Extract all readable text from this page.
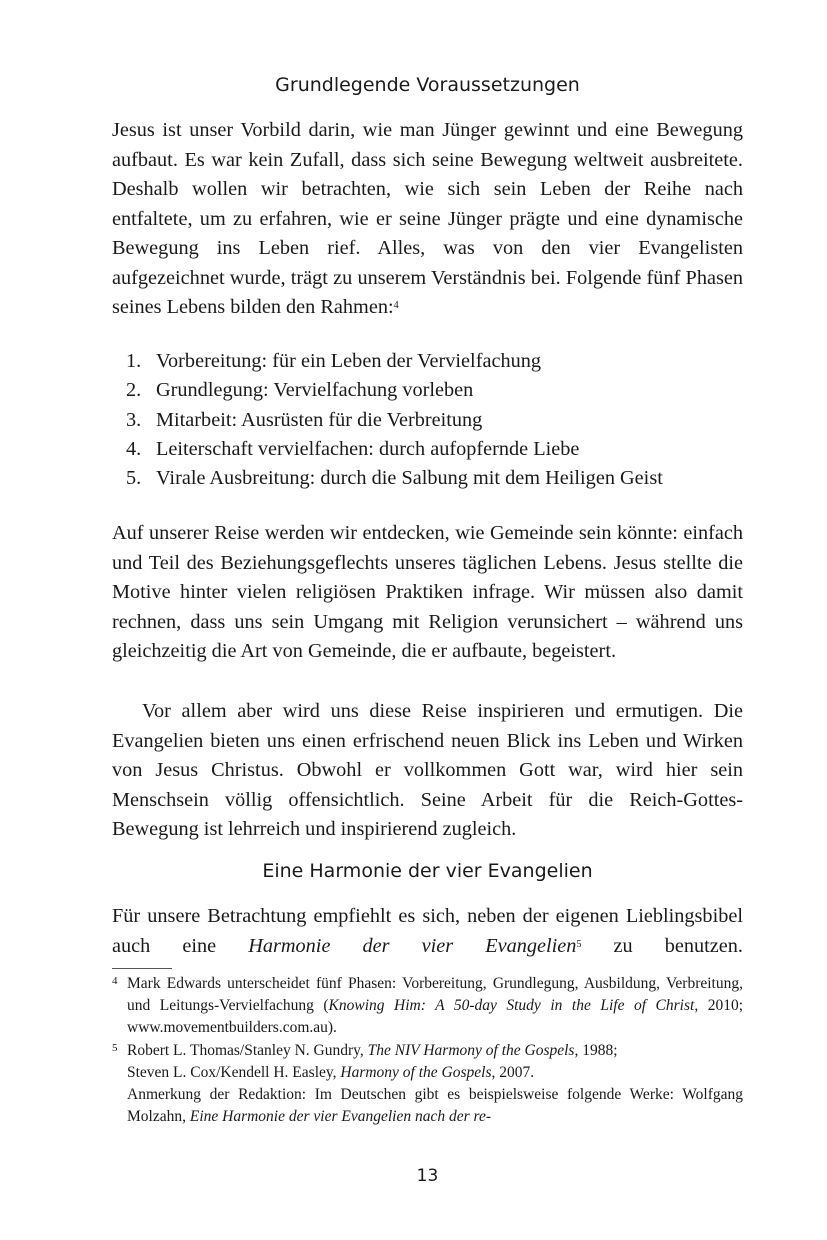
Grundlegende Voraussetzungen

Jesus ist unser Vorbild darin, wie man Jünger gewinnt und eine Bewegung aufbaut. Es war kein Zufall, dass sich seine Bewegung weltweit ausbreitete. Deshalb wollen wir betrachten, wie sich sein Leben der Reihe nach entfaltete, um zu erfahren, wie er seine Jünger prägte und eine dynamische Bewegung ins Leben rief. Alles, was von den vier Evangelisten aufgezeichnet wurde, trägt zu unserem Verständnis bei. Folgende fünf Phasen seines Lebens bilden den Rahmen:$^4$

1. Vorbereitung: für ein Leben der Vervielfachung
2. Grundlegung: Vervielfachung vorleben
3. Mitarbeit: Ausrüsten für die Verbreitung
4. Leiterschaft vervielfachen: durch aufopfernde Liebe
5. Virale Ausbreitung: durch die Salbung mit dem Heiligen Geist

Auf unserer Reise werden wir entdecken, wie Gemeinde sein könnte: einfach und Teil des Beziehungsgeflechts unseres täglichen Lebens. Jesus stellte die Motive hinter vielen religiösen Praktiken infrage. Wir müssen also damit rechnen, dass uns sein Umgang mit Religion verunsichert – während uns gleichzeitig die Art von Gemeinde, die er aufbaute, begeistert.

Vor allem aber wird uns diese Reise inspirieren und ermutigen. Die Evangelien bieten uns einen erfrischend neuen Blick ins Leben und Wirken von Jesus Christus. Obwohl er vollkommen Gott war, wird hier sein Menschsein völlig offensichtlich. Seine Arbeit für die Reich-Gottes-Bewegung ist lehrreich und inspirierend zugleich.

Eine Harmonie der vier Evangelien

Für unsere Betrachtung empfiehlt es sich, neben der eigenen Lieblingsbibel auch eine Harmonie der vier Evangelien$^5$ zu benutzen.

4 Mark Edwards unterscheidet fünf Phasen: Vorbereitung, Grundlegung, Ausbildung, Verbreitung, und Leitungs-Vervielfachung (Knowing Him: A 50-day Study in the Life of Christ, 2010; www.movementbuilders.com.au).
5 Robert L. Thomas/Stanley N. Gundry, The NIV Harmony of the Gospels, 1988;
Steven L. Cox/Kendell H. Easley, Harmony of the Gospels, 2007.
Anmerkung der Redaktion: Im Deutschen gibt es beispielsweise folgende Werke: Wolfgang Molzahn, Eine Harmonie der vier Evangelien nach der re-
13
